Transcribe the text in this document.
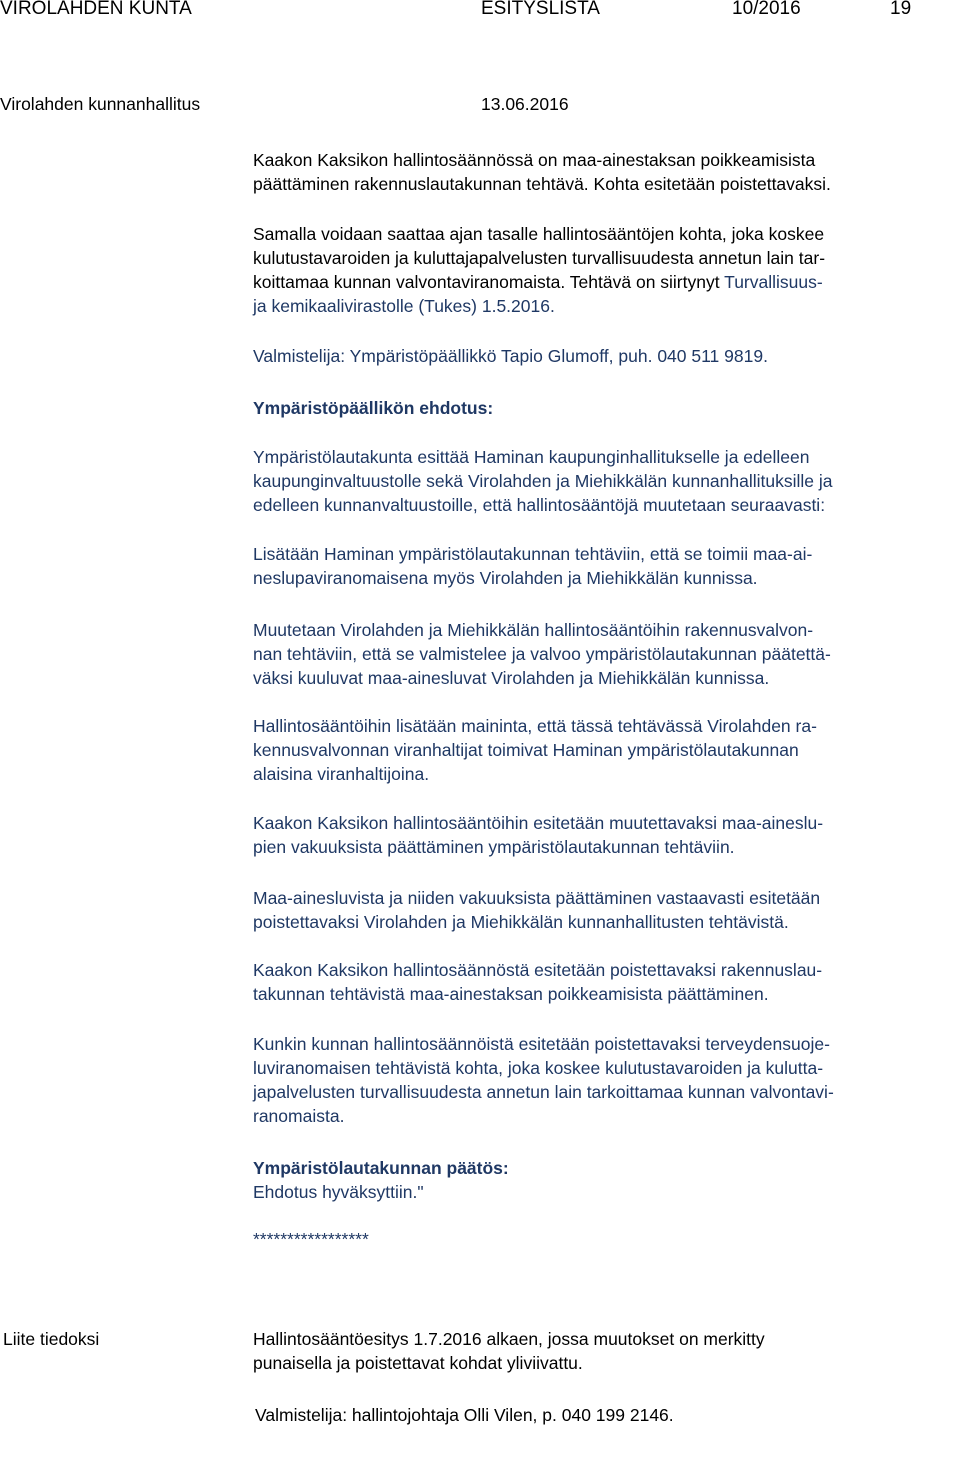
VIROLAHDEN KUNTA	ESITYSLISTA	10/2016	19
Virolahden kunnanhallitus	13.06.2016

Kaakon Kaksikon hallintosäännössä on maa-ainestaksan poikkeamisista
päättäminen rakennuslautakunnan tehtävä. Kohta esitetään poistettavaksi.

Samalla voidaan saattaa ajan tasalle hallintosääntöjen kohta, joka koskee
kulutustavaroiden ja kuluttajapalvelusten turvallisuudesta annetun lain tar-
koittamaa kunnan valvontaviranomaista. Tehtävä on siirtynyt Turvallisuus-
ja kemikaalivirastolle (Tukes) 1.5.2016.

Valmistelija: Ympäristöpäällikkö Tapio Glumoff, puh. 040 511 9819.

Ympäristöpäällikön ehdotus:

Ympäristölautakunta esittää Haminan kaupunginhallitukselle ja edelleen
kaupunginvaltuustolle sekä Virolahden ja Miehikkälän kunnanhallituksille ja
edelleen kunnanvaltuustoille, että hallintosääntöjä muutetaan seuraavasti:

Lisätään Haminan ympäristölautakunnan tehtäviin, että se toimii maa-ai-
neslupaviranomaisena myös Virolahden ja Miehikkälän kunnissa.

Muutetaan Virolahden ja Miehikkälän hallintosääntöihin rakennusvalvon-
nan tehtäviin, että se valmistelee ja valvoo ympäristölautakunnan päätettä-
väksi kuuluvat maa-ainesluvat Virolahden ja Miehikkälän kunnissa.

Hallintosääntöihin lisätään maininta, että tässä tehtävässä Virolahden ra-
kennusvalvonnan viranhaltijat toimivat Haminan ympäristölautakunnan
alaisina viranhaltijoina.

Kaakon Kaksikon hallintosääntöihin esitetään muutettavaksi maa-aineslu-
pien vakuuksista päättäminen ympäristölautakunnan tehtäviin.

Maa-ainesluvista ja niiden vakuuksista päättäminen vastaavasti esitetään
poistettavaksi Virolahden ja Miehikkälän kunnanhallitusten tehtävistä.

Kaakon Kaksikon hallintosäännöstä esitetään poistettavaksi rakennuslau-
takunnan tehtävistä maa-ainestaksan poikkeamisista päättäminen.

Kunkin kunnan hallintosäännöistä esitetään poistettavaksi terveydensuoje-
luviranomaisen tehtävistä kohta, joka koskee kulutustavaroiden ja kulutta-
japalvelusten turvallisuudesta annetun lain tarkoittamaa kunnan valvontavi-
ranomaista.

Ympäristölautakunnan päätös:

Ehdotus hyväksyttiin."

*****************

Hallintosääntöesitys 1.7.2016 alkaen, jossa muutokset on merkitty
punaisella ja poistettavat kohdat yliviivattu.

Valmistelija: hallintojohtaja Olli Vilen, p. 040 199 2146.

Liite tiedoksi
